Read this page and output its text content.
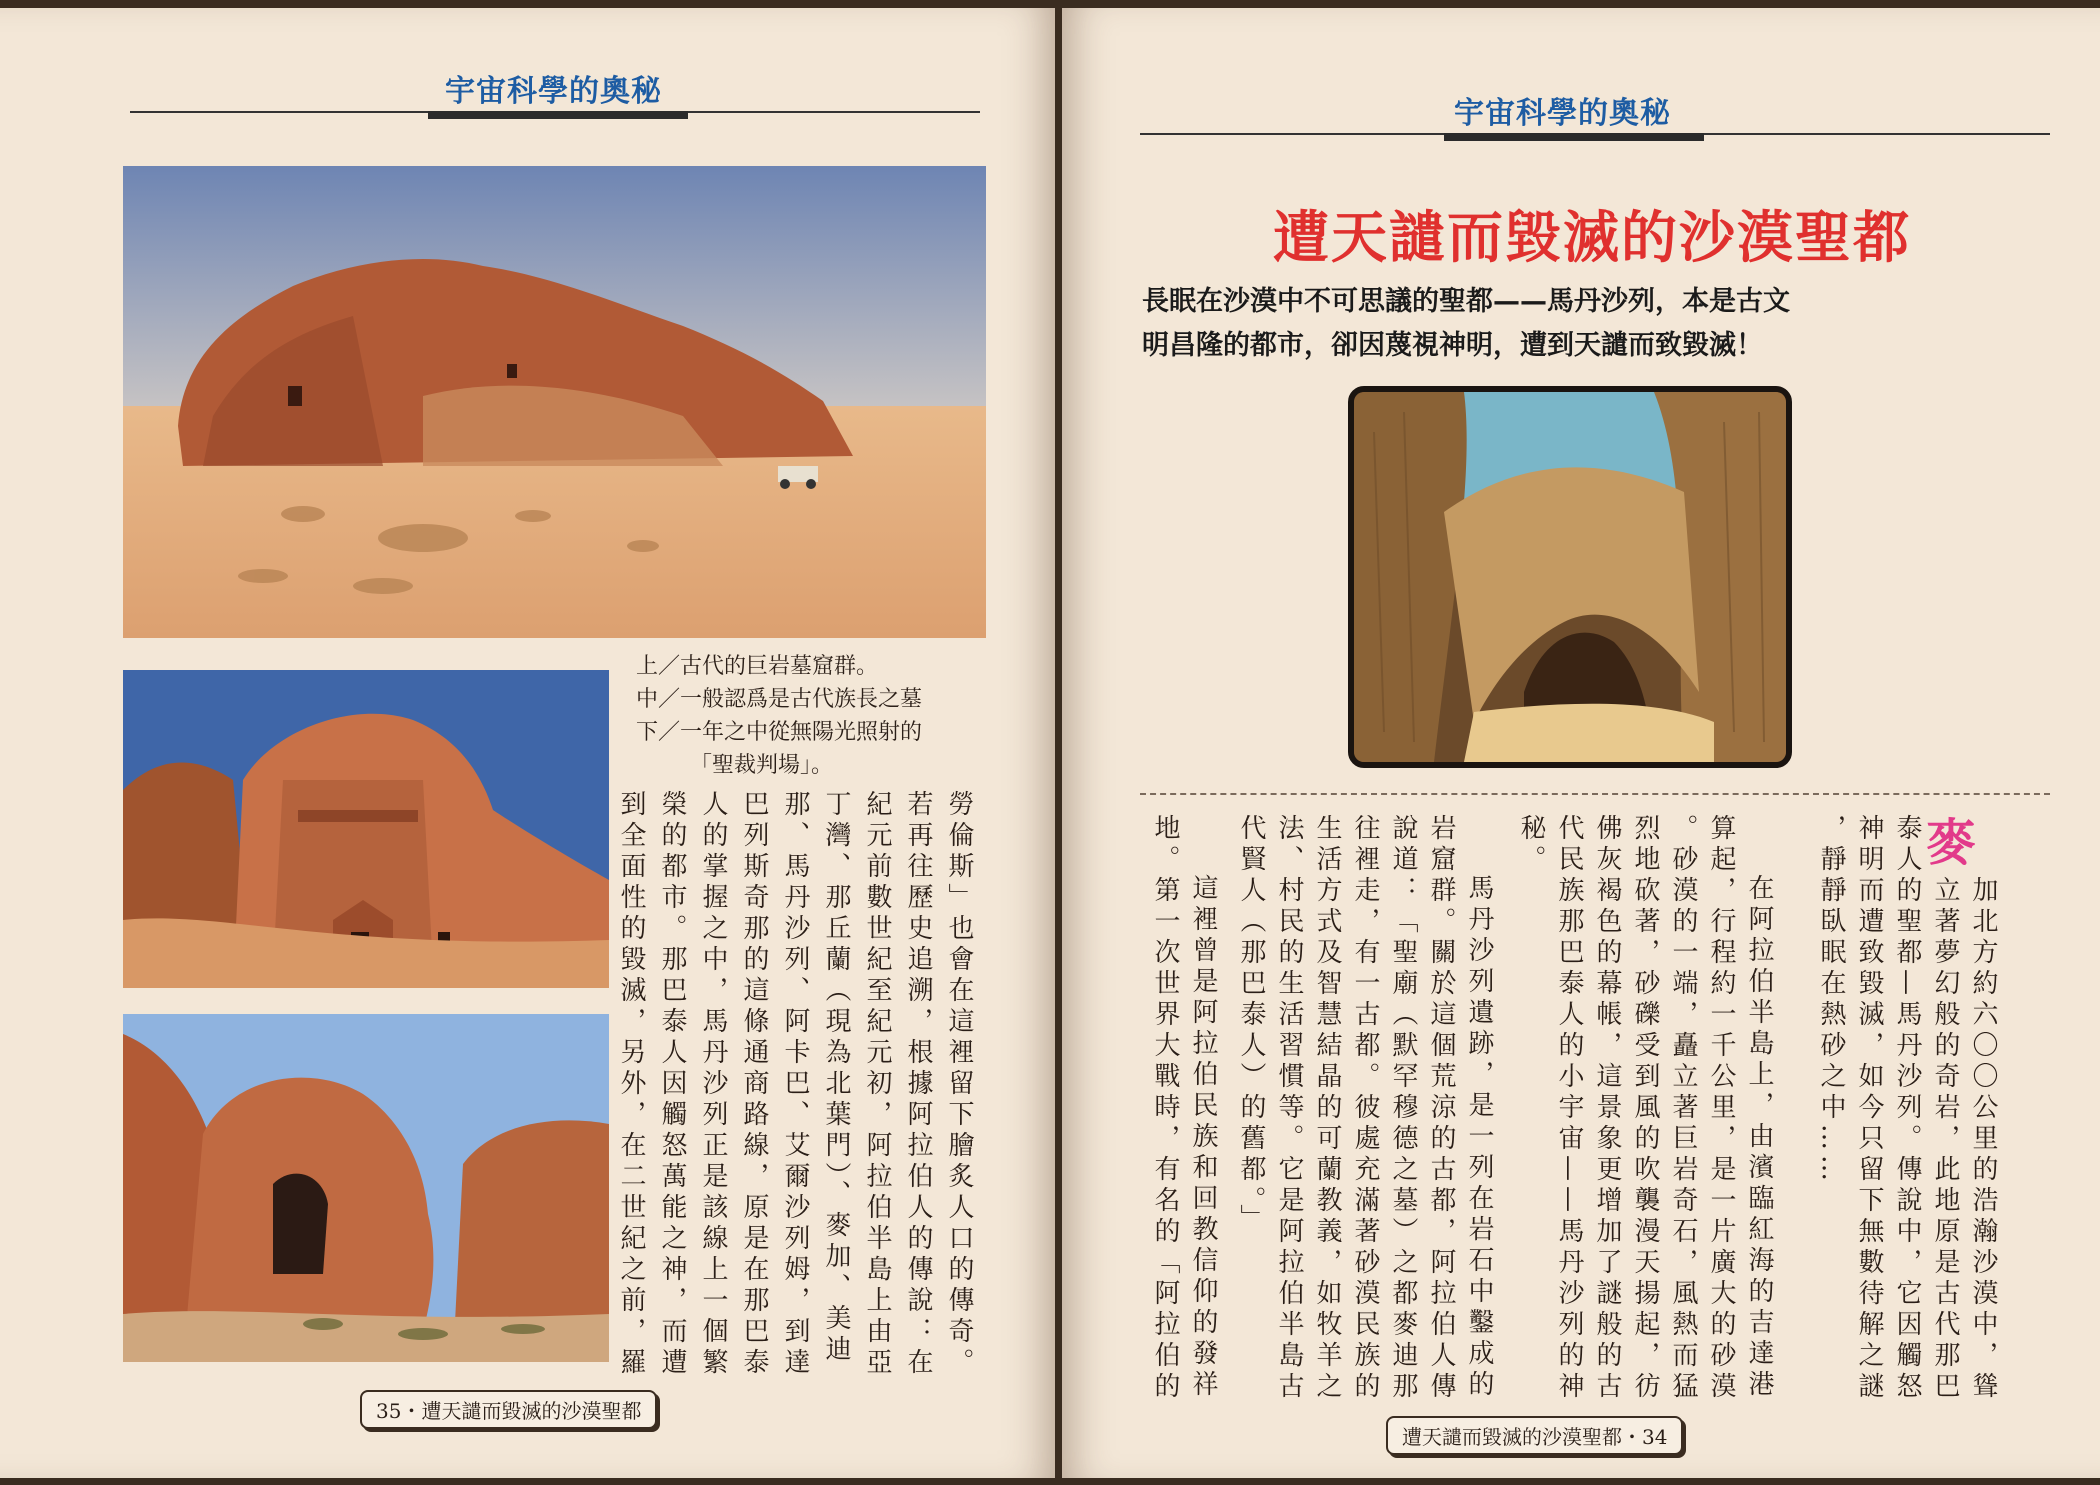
宇宙科學的奧秘
上／古代的巨岩墓窟群。
中／一般認爲是古代族長之墓
下／一年之中從無陽光照射的
「聖裁判場」。
勞倫斯」也會在這裡留下膾炙人口的傳奇。
若再往歷史追溯，根據阿拉伯人的傳說：在
紀元前數世紀至紀元初，阿拉伯半島上由亞
丁灣、那丘蘭（現為北葉門）、麥加、美迪
那、馬丹沙列、阿卡巴、艾爾沙列姆，到達
巴列斯奇那的這條通商路線，原是在那巴泰
人的掌握之中，馬丹沙列正是該線上一個繁
榮的都市。那巴泰人因觸怒萬能之神，而遭
到全面性的毀滅，另外，在二世紀之前，羅
35・遭天譴而毀滅的沙漠聖都
宇宙科學的奧秘
遭天譴而毀滅的沙漠聖都
長眠在沙漠中不可思議的聖都——馬丹沙列，本是古文
明昌隆的都市，卻因蔑視神明，遭到天譴而致毀滅！
麥
加北方約六〇〇公里的浩瀚沙漠中，聳
立著夢幻般的奇岩，此地原是古代那巴
泰人的聖都—馬丹沙列。傳說中，它因觸怒
神明而遭致毀滅，如今只留下無數待解之謎
，靜靜臥眠在熱砂之中……
在阿拉伯半島上，由濱臨紅海的吉達港
算起，行程約一千公里，是一片廣大的砂漠
。砂漠的一端，矗立著巨岩奇石，風熱而猛
烈地砍著，砂礫受到風的吹襲漫天揚起，彷
佛灰褐色的幕帳，這景象更增加了謎般的古
代民族那巴泰人的小宇宙——馬丹沙列的神
秘。
馬丹沙列遺跡，是一列在岩石中鑿成的
岩窟群。關於這個荒涼的古都，阿拉伯人傳
說道：「聖廟（默罕穆德之墓）之都麥迪那
往裡走，有一古都。彼處充滿著砂漠民族的
生活方式及智慧結晶的可蘭教義，如牧羊之
法、村民的生活習慣等。它是阿拉伯半島古
代賢人（那巴泰人）的舊都。」
這裡曾是阿拉伯民族和回教信仰的發祥
地。第一次世界大戰時，有名的「阿拉伯的
遭天譴而毀滅的沙漠聖都・34
